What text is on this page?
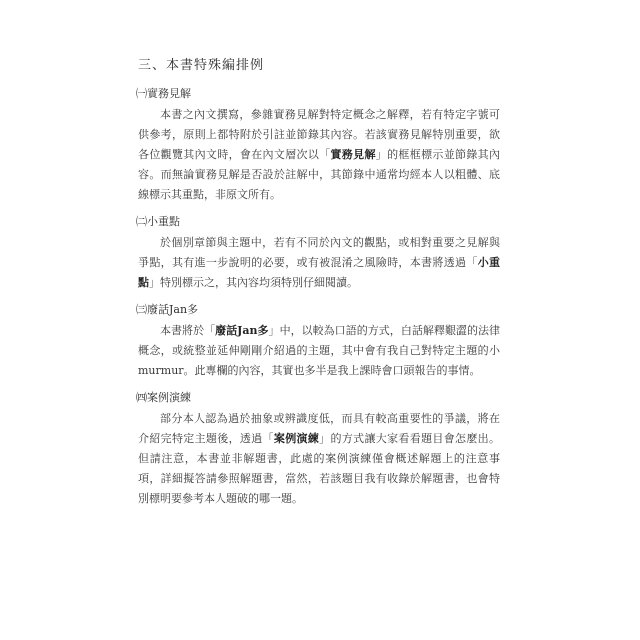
三、本書特殊編排例
㈠實務見解
本書之內文撰寫，參雜實務見解對特定概念之解釋，若有特定字號可供參考，原則上都特附於引註並節錄其內容。若該實務見解特別重要，欲各位觀覽其內文時，會在內文層次以「實務見解」的框框標示並節錄其內容。而無論實務見解是否設於註解中，其節錄中通常均經本人以粗體、底線標示其重點，非原文所有。
㈡小重點
於個別章節與主題中，若有不同於內文的觀點，或相對重要之見解與爭點，其有進一步說明的必要，或有被混淆之風險時，本書將透過「小重點」特別標示之，其內容均須特別仔細閱讀。
㈢廢話Jan多
本書將於「廢話Jan多」中，以較為口語的方式，白話解釋艱澀的法律概念，或統整並延伸剛剛介紹過的主題，其中會有我自己對特定主題的小murmur。此專欄的內容，其實也多半是我上課時會口頭報告的事情。
㈣案例演練
部分本人認為過於抽象或辨識度低，而具有較高重要性的爭議，將在介紹完特定主題後，透過「案例演練」的方式讓大家看看題目會怎麼出。但請注意，本書並非解題書，此處的案例演練僅會概述解題上的注意事項，詳細擬答請參照解題書，當然，若該題目我有收錄於解題書，也會特別標明要參考本人題破的哪一題。
